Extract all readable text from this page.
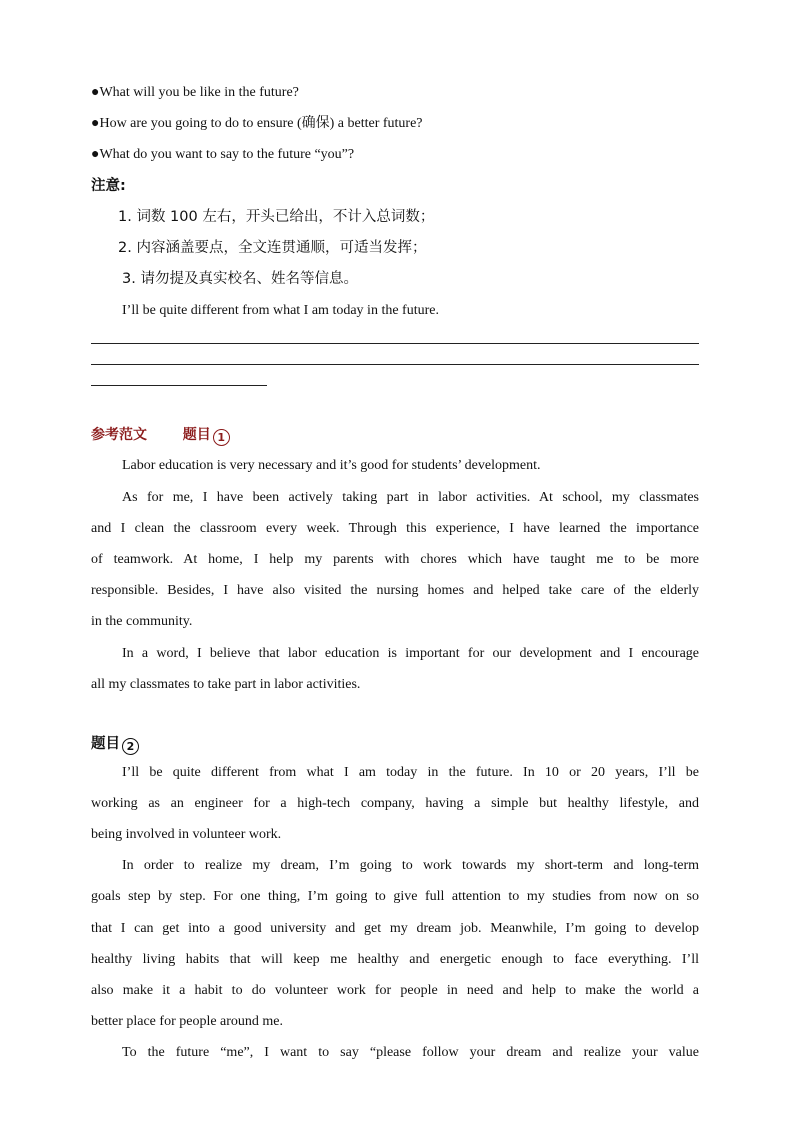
●What will you be like in the future?
●How are you going to do to ensure (确保) a better future?
●What do you want to say to the future “you”?
注意:
1. 词数 100 左右，开头已给出，不计入总词数；
2. 内容涵盖要点，全文连贯通顺，可适当发挥；
3. 请勿提及真实校名、姓名等信息。
I’ll be quite different from what I am today in the future.
参考范文	题目 1
Labor education is very necessary and it’s good for students’ development.
As for me, I have been actively taking part in labor activities. At school, my classmates
and I clean the classroom every week. Through this experience, I have learned the importance
of teamwork. At home, I help my parents with chores which have taught me to be more
responsible. Besides, I have also visited the nursing homes and helped take care of the elderly
in the community.
In a word, I believe that labor education is important for our development and I encourage
all my classmates to take part in labor activities.
题目 2
I’ll be quite different from what I am today in the future. In 10 or 20 years, I’ll be
working as an engineer for a high-tech company, having a simple but healthy lifestyle, and
being involved in volunteer work.
In order to realize my dream, I’m going to work towards my short-term and long-term
goals step by step. For one thing, I’m going to give full attention to my studies from now on so
that I can get into a good university and get my dream job. Meanwhile, I’m going to develop
healthy living habits that will keep me healthy and energetic enough to face everything. I’ll
also make it a habit to do volunteer work for people in need and help to make the world a
better place for people around me.
To the future “me”, I want to say “please follow your dream and realize your value
